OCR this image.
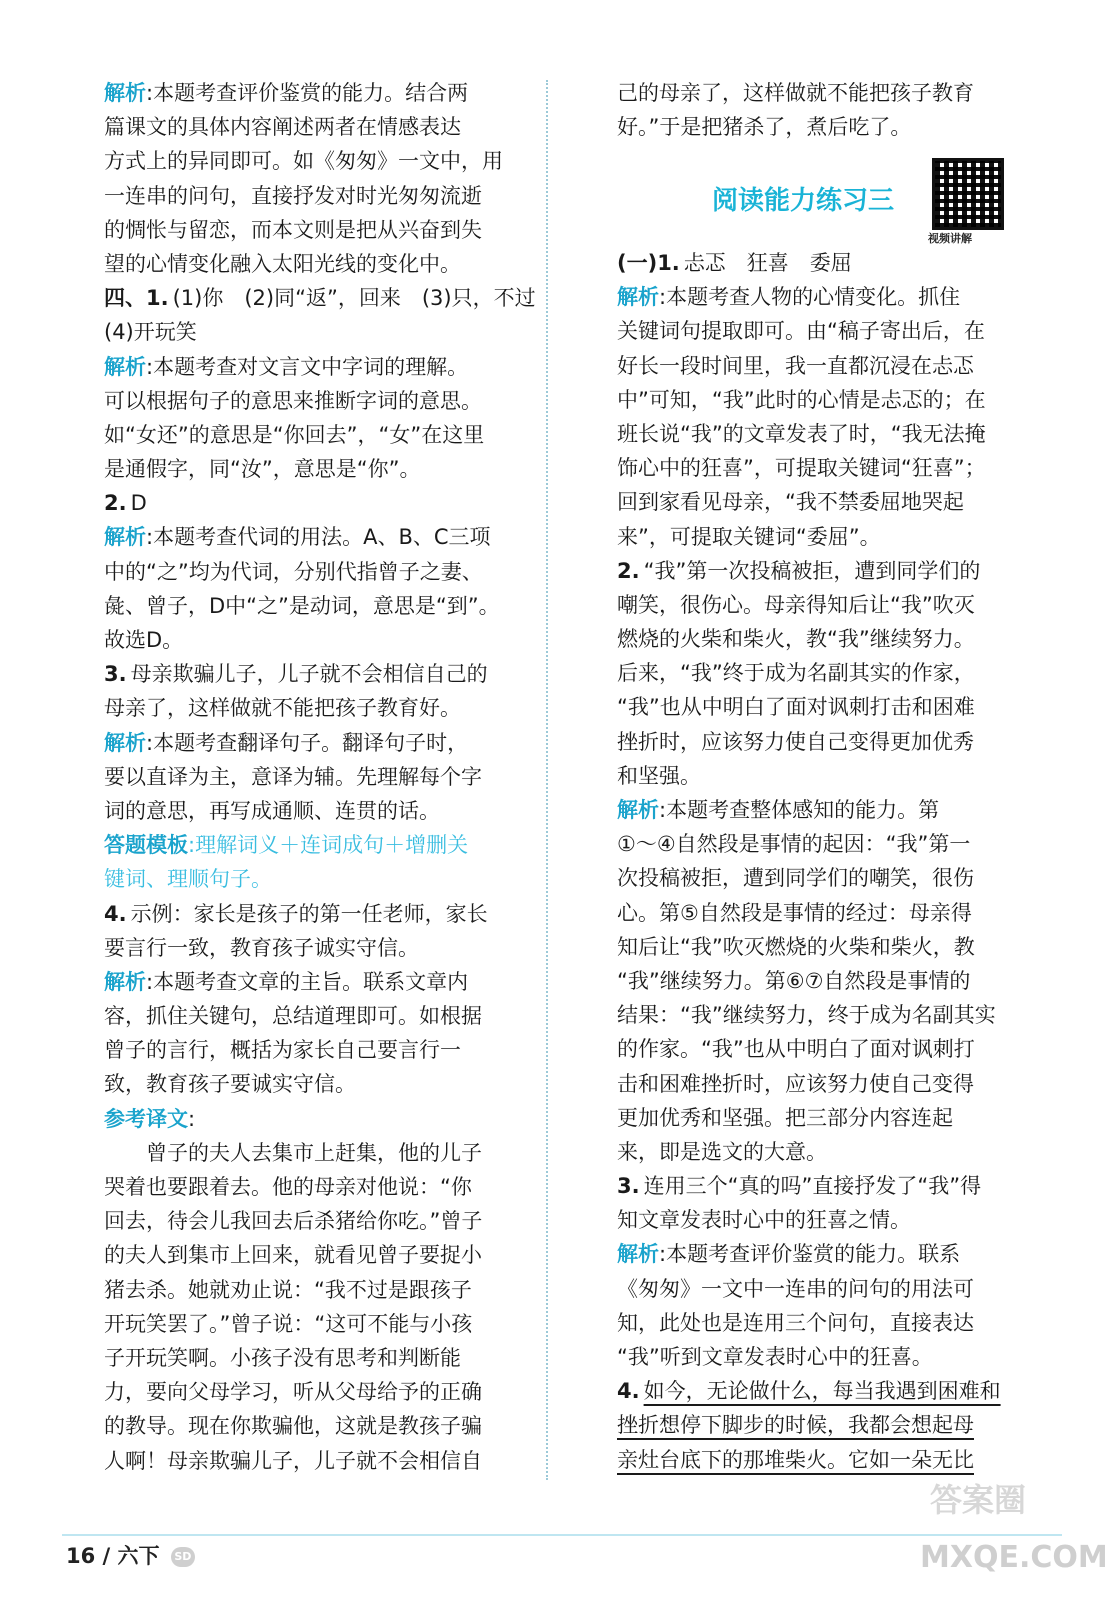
解析:本题考查评价鉴赏的能力。结合两
篇课文的具体内容阐述两者在情感表达
方式上的异同即可。如《匆匆》一文中，用
一连串的问句，直接抒发对时光匆匆流逝
的惆怅与留恋，而本文则是把从兴奋到失
望的心情变化融入太阳光线的变化中。
四、1. (1)你　(2)同“返”，回来　(3)只，不过
(4)开玩笑
解析:本题考查对文言文中字词的理解。
可以根据句子的意思来推断字词的意思。
如“女还”的意思是“你回去”，“女”在这里
是通假字，同“汝”，意思是“你”。
2. D
解析:本题考查代词的用法。A、B、C三项
中的“之”均为代词，分别代指曾子之妻、
彘、曾子，D中“之”是动词，意思是“到”。
故选D。
3. 母亲欺骗儿子，儿子就不会相信自己的
母亲了，这样做就不能把孩子教育好。
解析:本题考查翻译句子。翻译句子时，
要以直译为主，意译为辅。先理解每个字
词的意思，再写成通顺、连贯的话。
答题模板:理解词义＋连词成句＋增删关
键词、理顺句子。
4. 示例：家长是孩子的第一任老师，家长
要言行一致，教育孩子诚实守信。
解析:本题考查文章的主旨。联系文章内
容，抓住关键句，总结道理即可。如根据
曾子的言行，概括为家长自己要言行一
致，教育孩子要诚实守信。
参考译文:
　　曾子的夫人去集市上赶集，他的儿子
哭着也要跟着去。他的母亲对他说：“你
回去，待会儿我回去后杀猪给你吃。”曾子
的夫人到集市上回来，就看见曾子要捉小
猪去杀。她就劝止说：“我不过是跟孩子
开玩笑罢了。”曾子说：“这可不能与小孩
子开玩笑啊。小孩子没有思考和判断能
力，要向父母学习，听从父母给予的正确
的教导。现在你欺骗他，这就是教孩子骗
人啊！母亲欺骗儿子，儿子就不会相信自
己的母亲了，这样做就不能把孩子教育
好。”于是把猪杀了，煮后吃了。
阅读能力练习三
视频讲解
(一)1. 忐忑　狂喜　委屈
解析:本题考查人物的心情变化。抓住
关键词句提取即可。由“稿子寄出后，在
好长一段时间里，我一直都沉浸在忐忑
中”可知，“我”此时的心情是忐忑的；在
班长说“我”的文章发表了时，“我无法掩
饰心中的狂喜”，可提取关键词“狂喜”；
回到家看见母亲，“我不禁委屈地哭起
来”，可提取关键词“委屈”。
2. “我”第一次投稿被拒，遭到同学们的
嘲笑，很伤心。母亲得知后让“我”吹灭
燃烧的火柴和柴火，教“我”继续努力。
后来，“我”终于成为名副其实的作家，
“我”也从中明白了面对讽刺打击和困难
挫折时，应该努力使自己变得更加优秀
和坚强。
解析:本题考查整体感知的能力。第
①～④自然段是事情的起因：“我”第一
次投稿被拒，遭到同学们的嘲笑，很伤
心。第⑤自然段是事情的经过：母亲得
知后让“我”吹灭燃烧的火柴和柴火，教
“我”继续努力。第⑥⑦自然段是事情的
结果：“我”继续努力，终于成为名副其实
的作家。“我”也从中明白了面对讽刺打
击和困难挫折时，应该努力使自己变得
更加优秀和坚强。把三部分内容连起
来，即是选文的大意。
3. 连用三个“真的吗”直接抒发了“我”得
知文章发表时心中的狂喜之情。
解析:本题考查评价鉴赏的能力。联系
《匆匆》一文中一连串的问句的用法可
知，此处也是连用三个问句，直接表达
“我”听到文章发表时心中的狂喜。
4. 如今，无论做什么，每当我遇到困难和
挫折想停下脚步的时候，我都会想起母
亲灶台底下的那堆柴火。它如一朵无比
16 / 六下 SD
答案圈
MXQE.COM
